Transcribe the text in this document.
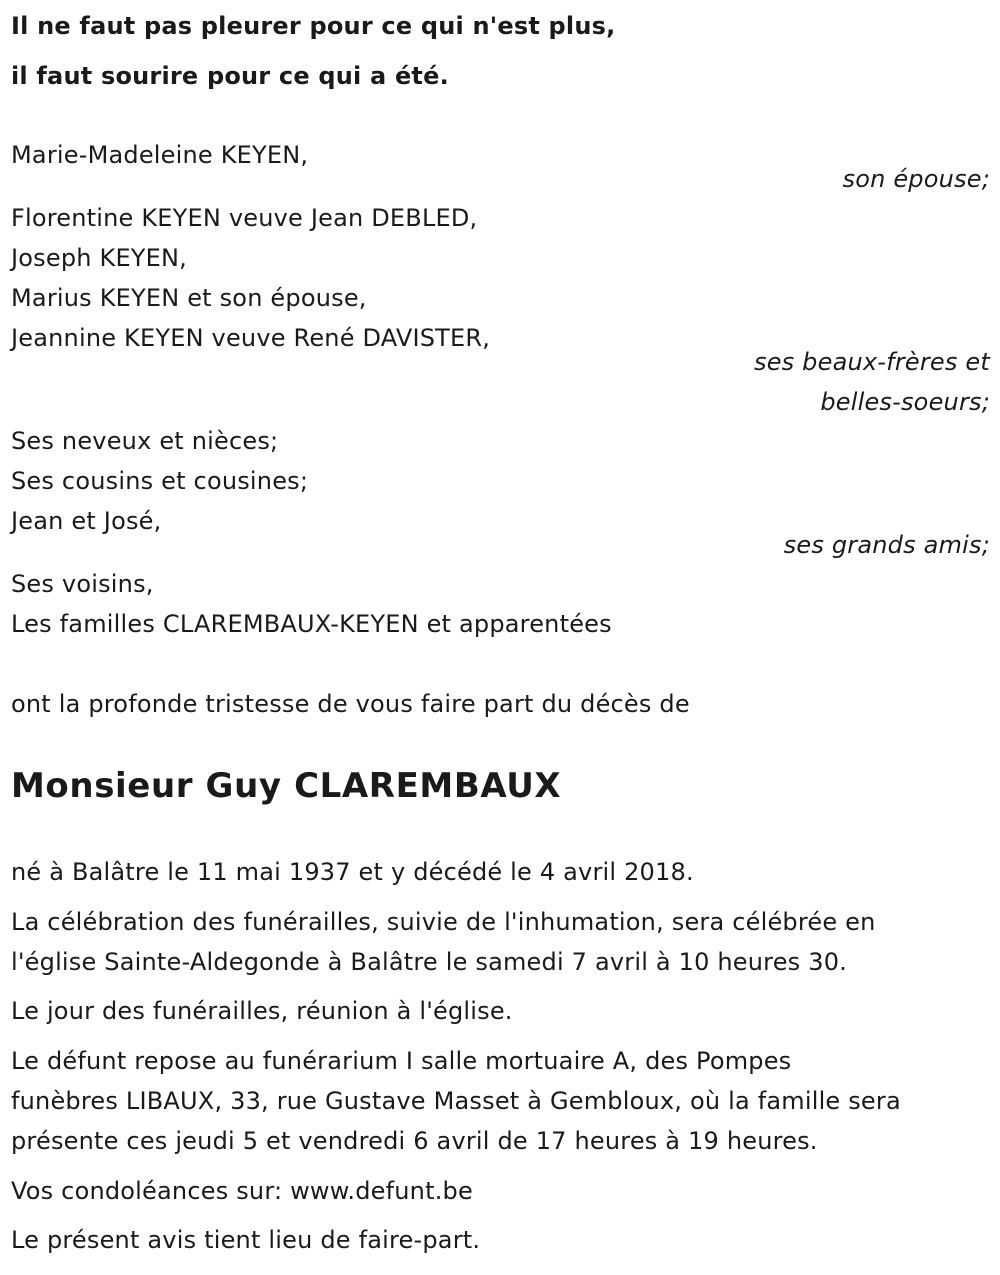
Il ne faut pas pleurer pour ce qui n'est plus,

il faut sourire pour ce qui a été.

Marie-Madeleine KEYEN,

son épouse;

Florentine KEYEN veuve Jean DEBLED,

Joseph KEYEN,

Marius KEYEN et son épouse,

Jeannine KEYEN veuve René DAVISTER,

ses beaux-frères et

belles-soeurs;

Ses neveux et nièces;

Ses cousins et cousines;

Jean et José,

ses grands amis;

Ses voisins,

Les familles CLAREMBAUX-KEYEN et apparentées

ont la profonde tristesse de vous faire part du décès de

Monsieur Guy CLAREMBAUX

né à Balâtre le 11 mai 1937 et y décédé le 4 avril 2018.

La célébration des funérailles, suivie de l'inhumation, sera célébrée en

l'église Sainte-Aldegonde à Balâtre le samedi 7 avril à 10 heures 30.

Le jour des funérailles, réunion à l'église.

Le défunt repose au funérarium I salle mortuaire A, des Pompes

funèbres LIBAUX, 33, rue Gustave Masset à Gembloux, où la famille sera

présente ces jeudi 5 et vendredi 6 avril de 17 heures à 19 heures.

Vos condoléances sur: www.defunt.be

Le présent avis tient lieu de faire-part.
